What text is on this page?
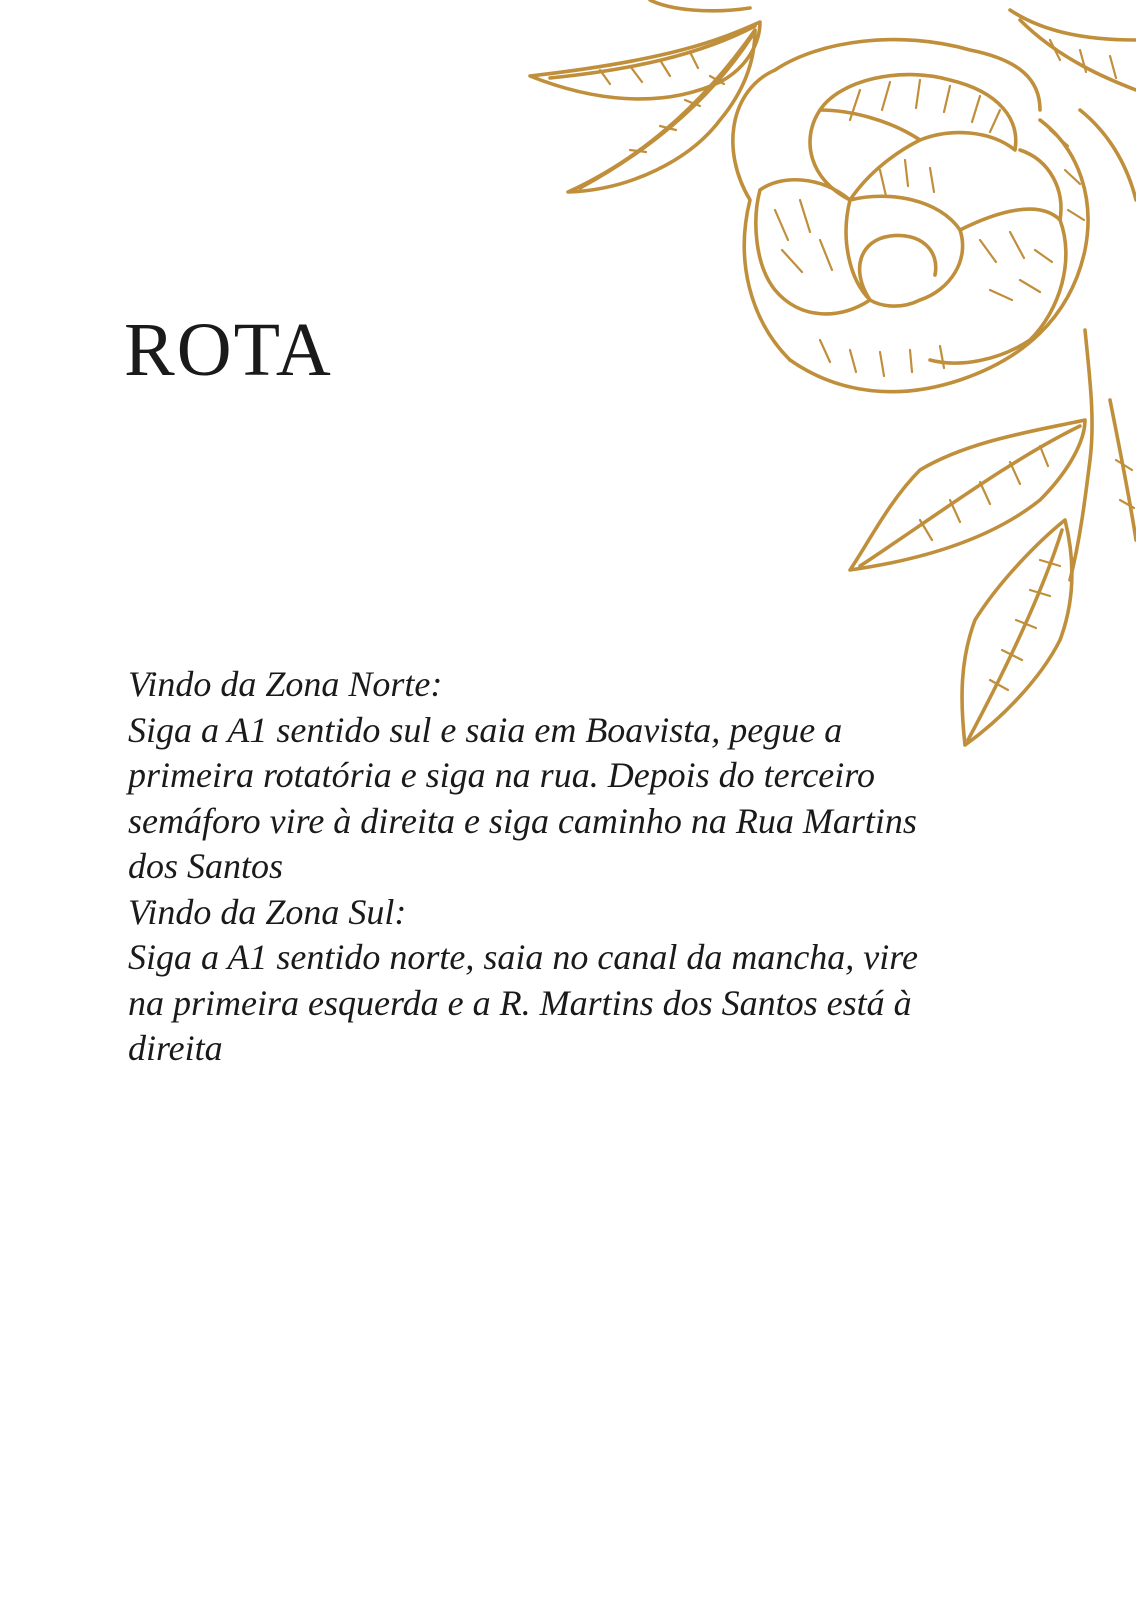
ROTA

Vindo da Zona Norte:

Siga a A1 sentido sul e saia em Boavista, pegue a primeira rotatória e siga na rua. Depois do terceiro semáforo vire à direita e siga caminho na Rua Martins dos Santos

Vindo da Zona Sul:

Siga a A1 sentido norte, saia no canal da mancha, vire na primeira esquerda e a R. Martins dos Santos está à direita
